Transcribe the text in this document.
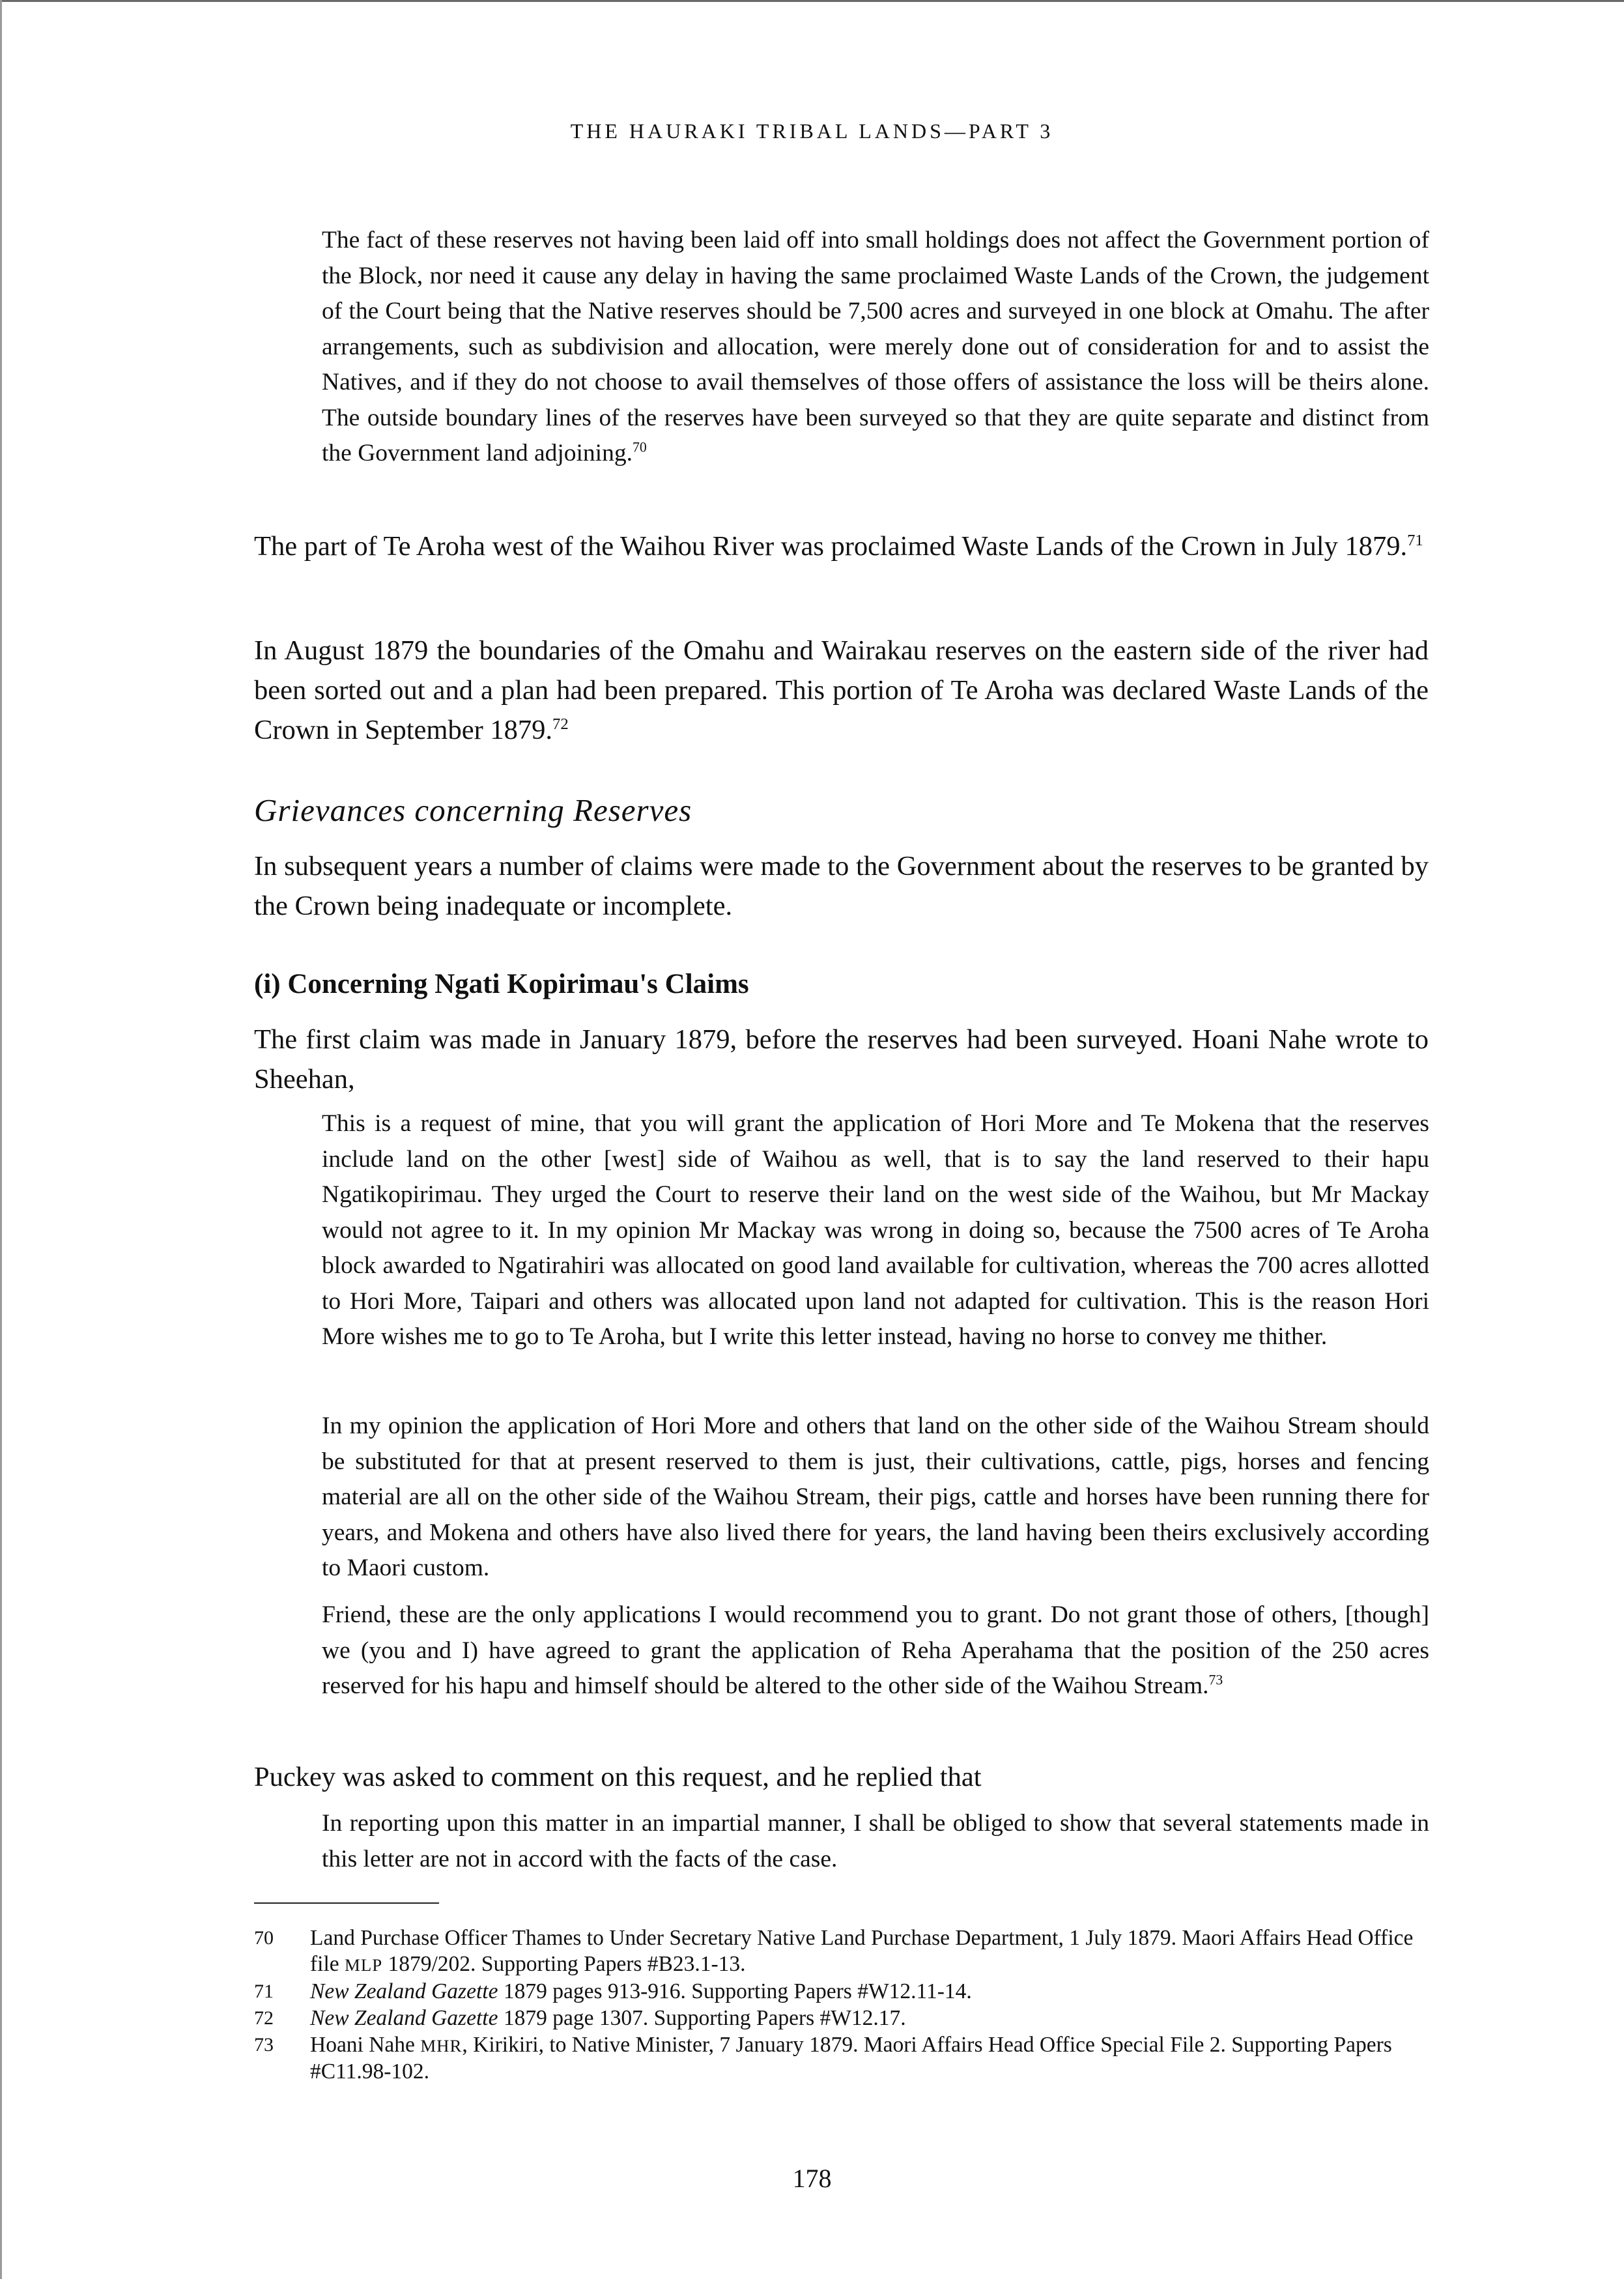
THE HAURAKI TRIBAL LANDS—PART 3

The fact of these reserves not having been laid off into small holdings does not affect the Government portion of the Block, nor need it cause any delay in having the same proclaimed Waste Lands of the Crown, the judgement of the Court being that the Native reserves should be 7,500 acres and surveyed in one block at Omahu. The after arrangements, such as subdivision and allocation, were merely done out of consideration for and to assist the Natives, and if they do not choose to avail themselves of those offers of assistance the loss will be theirs alone. The outside boundary lines of the reserves have been surveyed so that they are quite separate and distinct from the Government land adjoining.$^{70}$

The part of Te Aroha west of the Waihou River was proclaimed Waste Lands of the Crown in July 1879.71

In August 1879 the boundaries of the Omahu and Wairakau reserves on the eastern side of the river had been sorted out and a plan had been prepared. This portion of Te Aroha was declared Waste Lands of the Crown in September 1879.72

Grievances concerning Reserves

In subsequent years a number of claims were made to the Government about the reserves to be granted by the Crown being inadequate or incomplete.

(i) Concerning Ngati Kopirimau's Claims

The first claim was made in January 1879, before the reserves had been surveyed. Hoani Nahe wrote to Sheehan,

This is a request of mine, that you will grant the application of Hori More and Te Mokena that the reserves include land on the other [west] side of Waihou as well, that is to say the land reserved to their hapu Ngatikopirimau. They urged the Court to reserve their land on the west side of the Waihou, but Mr Mackay would not agree to it. In my opinion Mr Mackay was wrong in doing so, because the 7500 acres of Te Aroha block awarded to Ngatirahiri was allocated on good land available for cultivation, whereas the 700 acres allotted to Hori More, Taipari and others was allocated upon land not adapted for cultivation. This is the reason Hori More wishes me to go to Te Aroha, but I write this letter instead, having no horse to convey me thither.

In my opinion the application of Hori More and others that land on the other side of the Waihou Stream should be substituted for that at present reserved to them is just, their cultivations, cattle, pigs, horses and fencing material are all on the other side of the Waihou Stream, their pigs, cattle and horses have been running there for years, and Mokena and others have also lived there for years, the land having been theirs exclusively according to Maori custom.

Friend, these are the only applications I would recommend you to grant. Do not grant those of others, [though] we (you and I) have agreed to grant the application of Reha Aperahama that the position of the 250 acres reserved for his hapu and himself should be altered to the other side of the Waihou Stream.$^{73}$

Puckey was asked to comment on this request, and he replied that

In reporting upon this matter in an impartial manner, I shall be obliged to show that several statements made in this letter are not in accord with the facts of the case.

70 Land Purchase Officer Thames to Under Secretary Native Land Purchase Department, 1 July 1879. Maori Affairs Head Office file MLP 1879/202. Supporting Papers #B23.1-13.

71 New Zealand Gazette 1879 pages 913-916. Supporting Papers #W12.11-14.

72 New Zealand Gazette 1879 page 1307. Supporting Papers #W12.17.

73 Hoani Nahe MHR, Kirikiri, to Native Minister, 7 January 1879. Maori Affairs Head Office Special File 2. Supporting Papers #C11.98-102.

178
